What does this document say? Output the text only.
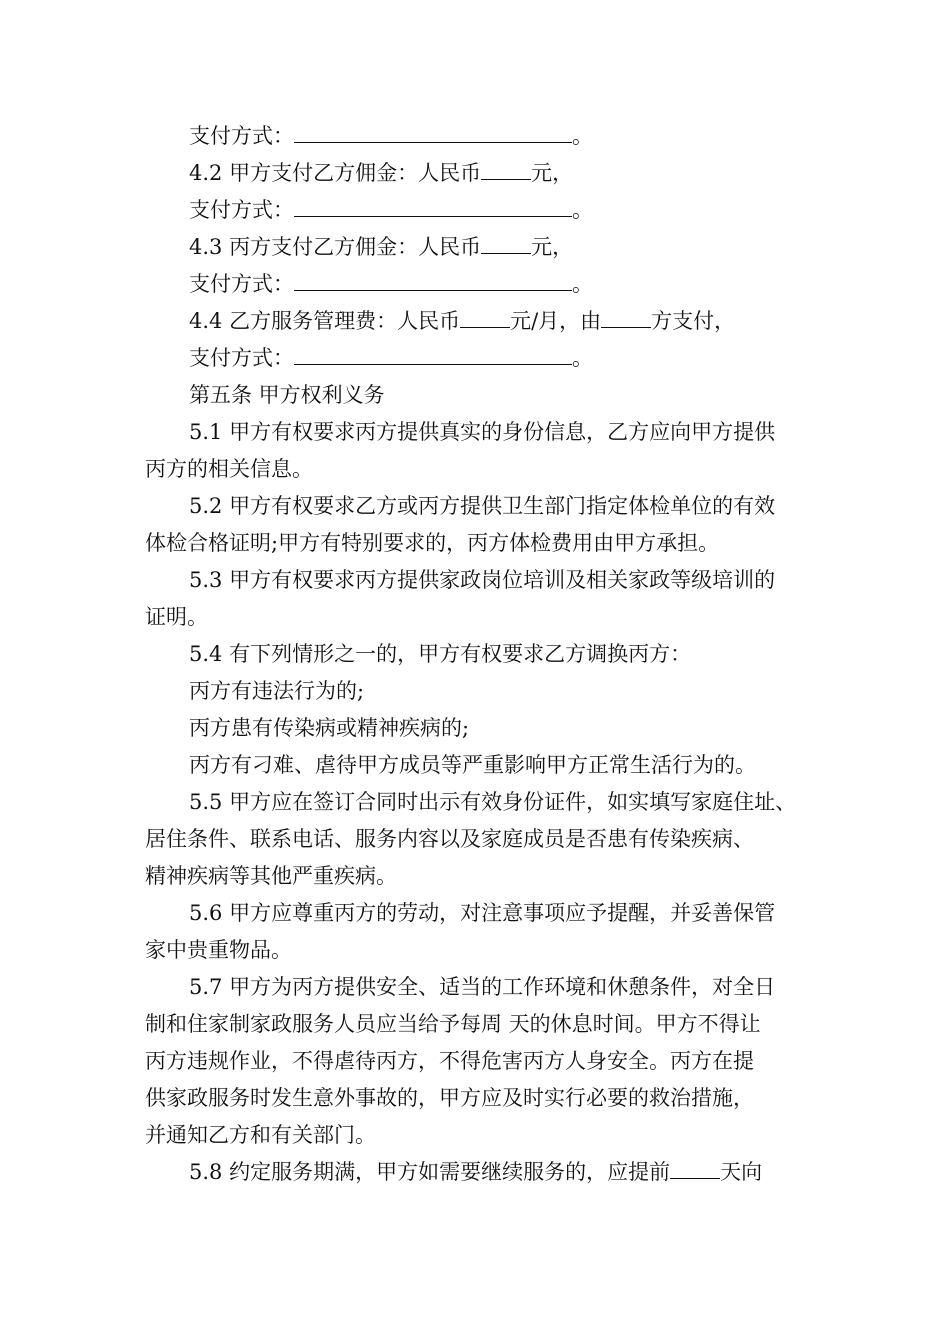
支付方式：	。

4.2 甲方支付乙方佣金：人民币 元，

支付方式：	。

4.3 丙方支付乙方佣金：人民币 元，

支付方式：	。

4.4 乙方服务管理费：人民币 元/月，由 方支付，

支付方式：	。

第五条 甲方权利义务

5.1 甲方有权要求丙方提供真实的身份信息，乙方应向甲方提供

丙方的相关信息。

5.2 甲方有权要求乙方或丙方提供卫生部门指定体检单位的有效

体检合格证明;甲方有特别要求的，丙方体检费用由甲方承担。

5.3 甲方有权要求丙方提供家政岗位培训及相关家政等级培训的

证明。

5.4 有下列情形之一的，甲方有权要求乙方调换丙方：

丙方有违法行为的;

丙方患有传染病或精神疾病的;

丙方有刁难、虐待甲方成员等严重影响甲方正常生活行为的。

5.5 甲方应在签订合同时出示有效身份证件，如实填写家庭住址、

居住条件、联系电话、服务内容以及家庭成员是否患有传染疾病、

精神疾病等其他严重疾病。

5.6 甲方应尊重丙方的劳动，对注意事项应予提醒，并妥善保管

家中贵重物品。

5.7 甲方为丙方提供安全、适当的工作环境和休憩条件，对全日

制和住家制家政服务人员应当给予每周 天的休息时间。甲方不得让

丙方违规作业，不得虐待丙方，不得危害丙方人身安全。丙方在提

供家政服务时发生意外事故的，甲方应及时实行必要的救治措施，

并通知乙方和有关部门。

5.8 约定服务期满，甲方如需要继续服务的，应提前 天向
